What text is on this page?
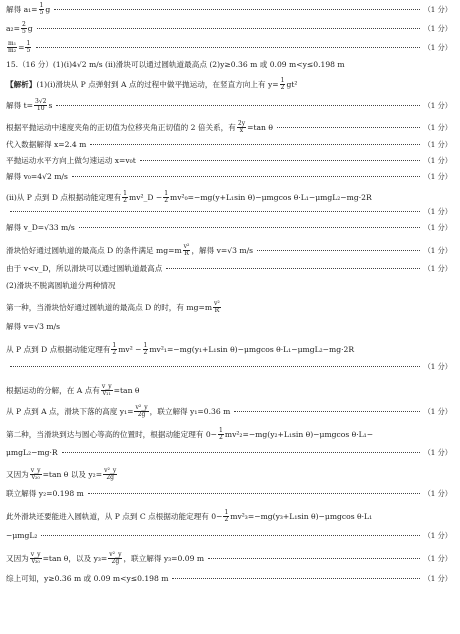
解得 $a_1= \frac{1}{5}$ g	（1 分）
$a_2= \frac{2}{5}$ g	（1 分）
$\frac{\text{m₁}}{\text{m₂}} = \frac{1}{5}$	（1 分）
15.（16 分）(1)(ⅰ)4√2 m/s (ⅱ)滑块可以通过圆轨道最高点 (2)y≥0.36 m 或 0.09 m<y≤0.198 m
【解析】(1)(ⅰ)滑块从 P 点弹射到 A 点的过程中做平抛运动，在竖直方向上有 $y= \frac{1}{2} gt^2$
解得 $t= \frac{3√2}{10}$ s	（1 分）
根据平抛运动中速度夹角的正切值为位移夹角正切值的 2 倍关系，有 $\frac{2y}{x} =\tan$ θ	（1 分）
代入数据解得 x=2.4 m	（1 分）
平抛运动水平方向上做匀速运动 x=v₀t	（1 分）
解得 v₀=4√2 m/s	（1 分）
(ⅱ)从 P 点到 D 点根据动能定理有 $\frac{1}{2}$ mv²_D − $\frac{1}{2} mv^2_0=-mg(y+L_1\sin$ θ)−μmgcos θ·L₁−μmgL₂−mg·2R
（1 分）
解得 v_D=√33 m/s	（1 分）
滑块恰好通过圆轨道的最高点 D 的条件满足 $mg=m \frac{\text{v²}}{R}$ ，解得 v=√3 m/s	（1 分）
由于 v<v_D，所以滑块可以通过圆轨道最高点	（1 分）
(2)滑块不脱离圆轨道分两种情况
第一种，当滑块恰好通过圆轨道的最高点 D 的时，有 $mg=m \frac{\text{v²}}{R}$
解得 v=√3 m/s
从 P 点到 D 点根据动能定理有 $\frac{1}{2} mv^2 - \frac{1}{2} mv^2_1=-mg(y_1+L_1\sin$ θ)−μmgcos θ·L₁−μmgL₂−mg·2R
（1 分）
根据运动的分解，在 A 点有 $\frac{v\_y}{\text{v₁₁}} =\tan$ θ
从 P 点到 A 点，滑块下落的高度 $y_1= \frac{\text{v²\_y}}{2g}$ ，联立解得 y₁=0.36 m	（1 分）
第二种，当滑块到达与圆心等高的位置时，根据动能定理有 $0- \frac{1}{2} mv^2_2=-mg(y_2+L_1\sin$ θ)−μmgcos θ·L₁−
μmgL₂−mg·R	（1 分）
又因为 $\frac{v\_y}{\text{v₂₀}} =\tan$ θ 以及 $y_2= \frac{\text{v²\_y}}{2g}$
联立解得 y₂=0.198 m	（1 分）
此外滑块还要能进入圆轨道，从 P 点到 C 点根据动能定理有 $0- \frac{1}{2} mv^2_3=-mg(y_3+L_1\sin$ θ)−μmgcos θ·L₁
−μmgL₂	（1 分）
又因为 $\frac{v\_y}{\text{v₃₀}} =\tan$ θ，以及 $y_3= \frac{\text{v²\_y}}{2g}$ ，联立解得 y₃=0.09 m	（1 分）
综上可知，y≥0.36 m 或 0.09 m<y≤0.198 m	（1 分）
